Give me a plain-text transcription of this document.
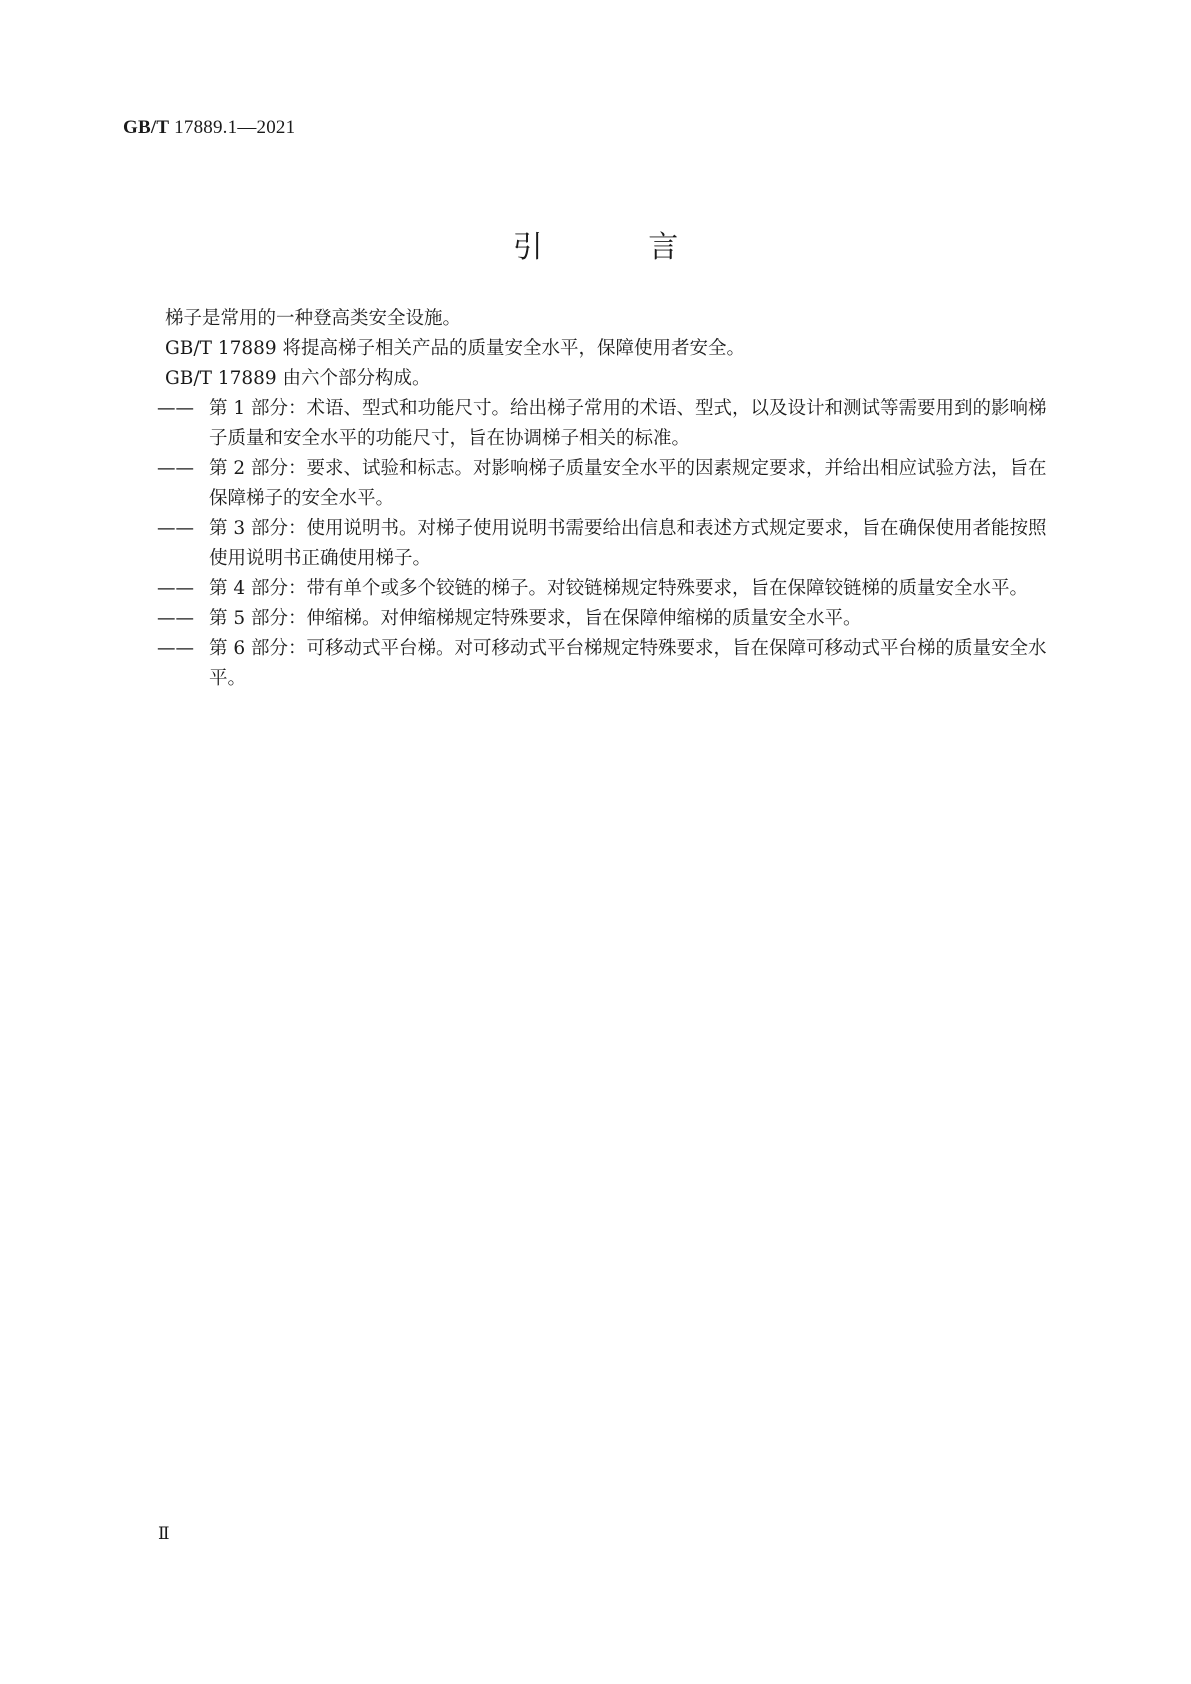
GB/T 17889.1—2021
引 言

梯子是常用的一种登高类安全设施。

GB/T 17889 将提高梯子相关产品的质量安全水平，保障使用者安全。

GB/T 17889 由六个部分构成。

—— 第 1 部分：术语、型式和功能尺寸。给出梯子常用的术语、型式，以及设计和测试等需要用到的影响梯子质量和安全水平的功能尺寸，旨在协调梯子相关的标准。
—— 第 2 部分：要求、试验和标志。对影响梯子质量安全水平的因素规定要求，并给出相应试验方法，旨在保障梯子的安全水平。
—— 第 3 部分：使用说明书。对梯子使用说明书需要给出信息和表述方式规定要求，旨在确保使用者能按照使用说明书正确使用梯子。
—— 第 4 部分：带有单个或多个铰链的梯子。对铰链梯规定特殊要求，旨在保障铰链梯的质量安全水平。
—— 第 5 部分：伸缩梯。对伸缩梯规定特殊要求，旨在保障伸缩梯的质量安全水平。
—— 第 6 部分：可移动式平台梯。对可移动式平台梯规定特殊要求，旨在保障可移动式平台梯的质量安全水平。
Ⅱ
